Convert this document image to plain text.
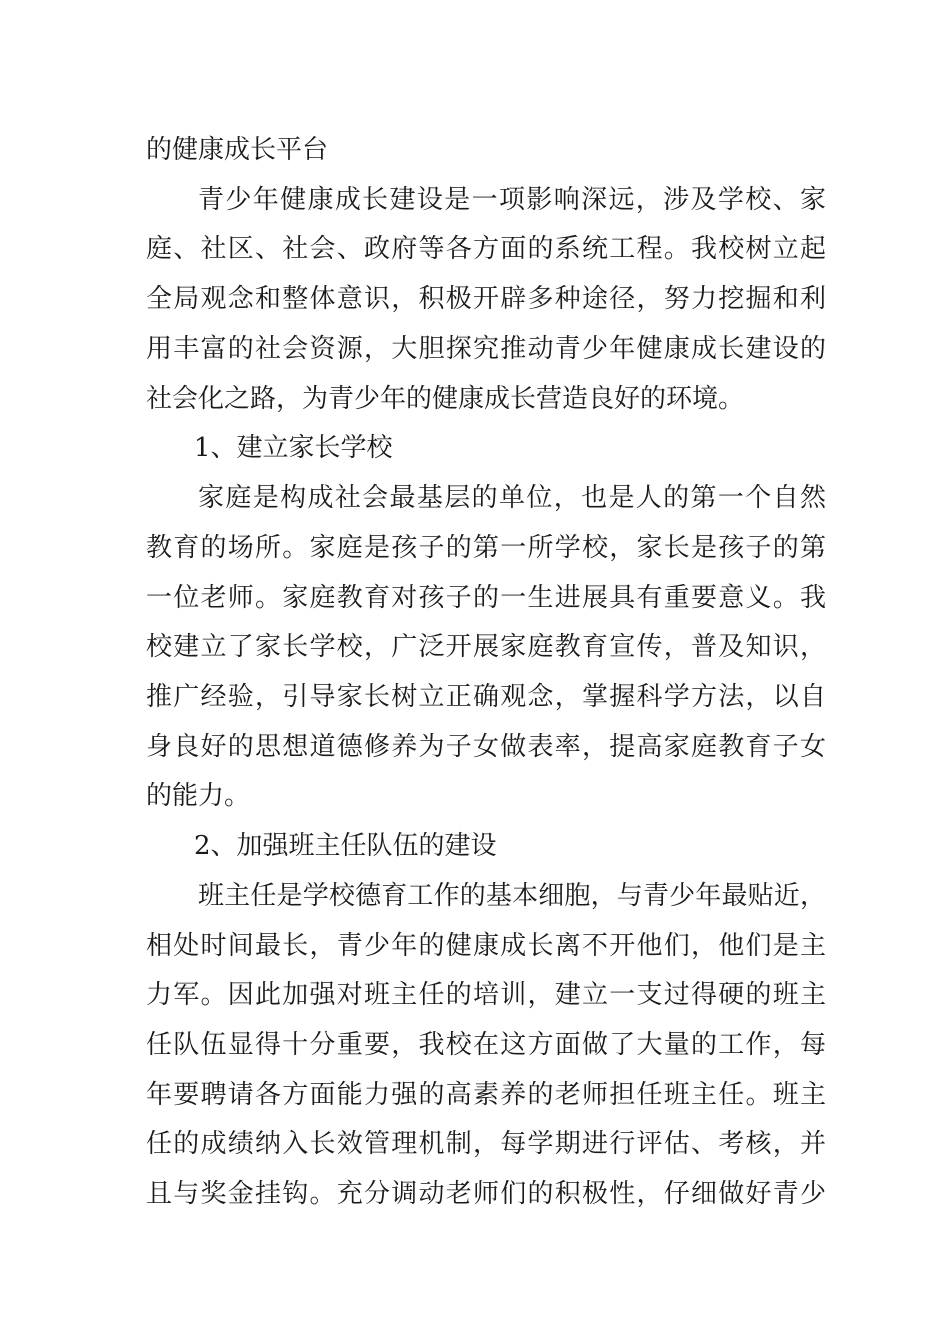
的健康成长平台
青少年健康成长建设是一项影响深远，涉及学校、家
庭、社区、社会、政府等各方面的系统工程。我校树立起
全局观念和整体意识，积极开辟多种途径，努力挖掘和利
用丰富的社会资源，大胆探究推动青少年健康成长建设的
社会化之路，为青少年的健康成长营造良好的环境。
1、建立家长学校
家庭是构成社会最基层的单位，也是人的第一个自然
教育的场所。家庭是孩子的第一所学校，家长是孩子的第
一位老师。家庭教育对孩子的一生进展具有重要意义。我
校建立了家长学校，广泛开展家庭教育宣传，普及知识，
推广经验，引导家长树立正确观念，掌握科学方法，以自
身良好的思想道德修养为子女做表率，提高家庭教育子女
的能力。
2、加强班主任队伍的建设
班主任是学校德育工作的基本细胞，与青少年最贴近，
相处时间最长，青少年的健康成长离不开他们，他们是主
力军。因此加强对班主任的培训，建立一支过得硬的班主
任队伍显得十分重要，我校在这方面做了大量的工作，每
年要聘请各方面能力强的高素养的老师担任班主任。班主
任的成绩纳入长效管理机制，每学期进行评估、考核，并
且与奖金挂钩。充分调动老师们的积极性，仔细做好青少
